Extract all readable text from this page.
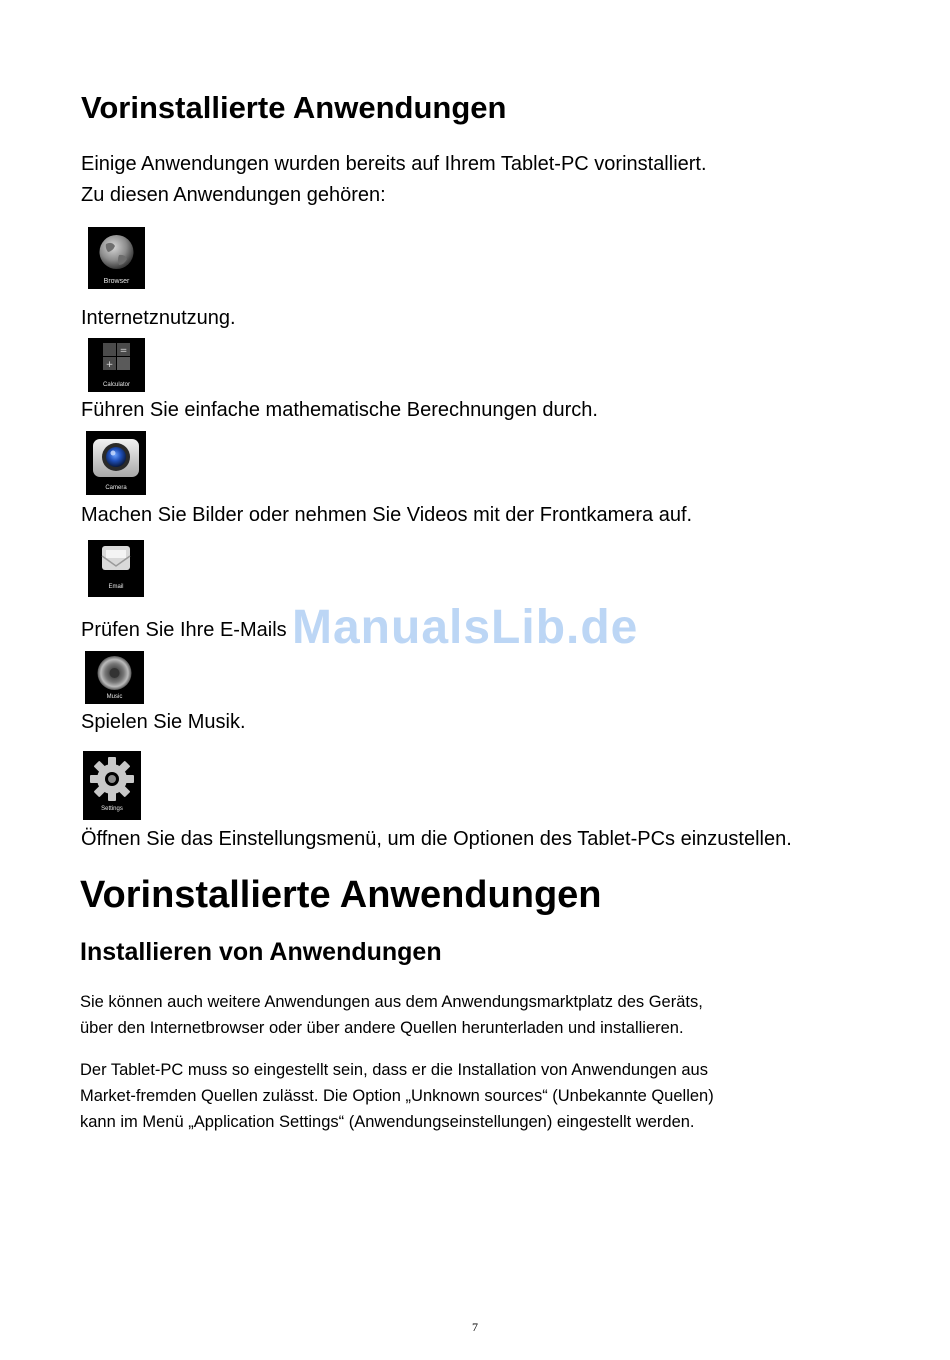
Vorinstallierte Anwendungen

Einige Anwendungen wurden bereits auf Ihrem Tablet-PC vorinstalliert.

Zu diesen Anwendungen gehören:

Browser

Internetznutzung.

+
=
Calculator

Führen Sie einfache mathematische Berechnungen durch.

Camera

Machen Sie Bilder oder nehmen Sie Videos mit der Frontkamera auf.

Email

Prüfen Sie Ihre E-Mails

Music

Spielen Sie Musik.

Settings

Öffnen Sie das Einstellungsmenü, um die Optionen des Tablet-PCs einzustellen.

ManualsLib.de
Vorinstallierte Anwendungen
Installieren von Anwendungen

Sie können auch weitere Anwendungen aus dem Anwendungsmarktplatz des Geräts,

über den Internetbrowser oder über andere Quellen herunterladen und installieren.

Der Tablet-PC muss so eingestellt sein, dass er die Installation von Anwendungen aus

Market-fremden Quellen zulässt. Die Option „Unknown sources“ (Unbekannte Quellen)

kann im Menü „Application Settings“ (Anwendungseinstellungen) eingestellt werden.

7
